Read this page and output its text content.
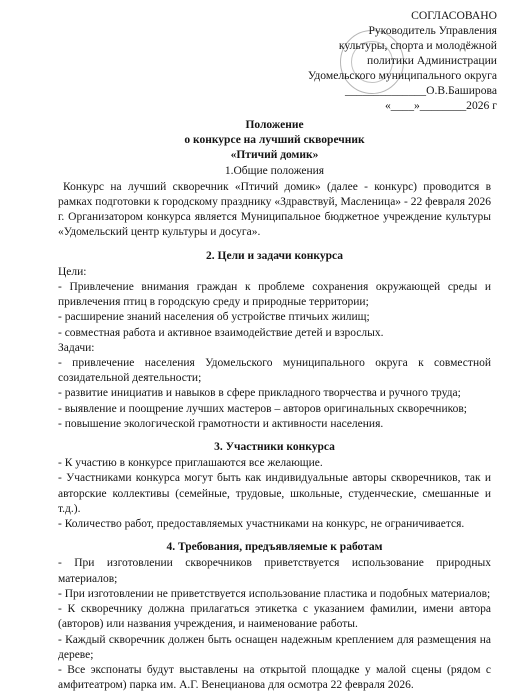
СОГЛАСОВАНО
Руководитель Управления
культуры, спорта и молодёжной
политики Администрации
Удомельского муниципального округа
______________О.В.Баширова
«____»________2026 г
Положение
о конкурсе на лучший скворечник
«Птичий домик»
1.Общие положения
Конкурс на лучший скворечник «Птичий домик» (далее - конкурс) проводится в рамках подготовки к городскому празднику «Здравствуй, Масленица» - 22 февраля 2026 г. Организатором конкурса является Муниципальное бюджетное учреждение культуры «Удомельский центр культуры и досуга».
2. Цели и задачи конкурса
Цели:
- Привлечение внимания граждан к проблеме сохранения окружающей среды и привлечения птиц в городскую среду и природные территории;
- расширение знаний населения об устройстве птичьих жилищ;
- совместная работа и активное взаимодействие детей и взрослых.
Задачи:
- привлечение населения Удомельского муниципального округа к совместной созидательной деятельности;
- развитие инициатив и навыков в сфере прикладного творчества и ручного труда;
- выявление и поощрение лучших мастеров – авторов оригинальных скворечников;
- повышение экологической грамотности и активности населения.
3. Участники конкурса
- К участию в конкурсе приглашаются все желающие.
- Участниками конкурса могут быть как индивидуальные авторы скворечников, так и авторские коллективы (семейные, трудовые, школьные, студенческие, смешанные и т.д.).
- Количество работ, предоставляемых участниками на конкурс, не ограничивается.
4. Требования, предъявляемые к работам
- При изготовлении скворечников приветствуется использование природных материалов;
- При изготовлении не приветствуется использование пластика и подобных материалов;
- К скворечнику должна прилагаться этикетка с указанием фамилии, имени автора (авторов) или названия учреждения, и наименование работы.
- Каждый скворечник должен быть оснащен надежным креплением для размещения на дереве;
- Все экспонаты будут выставлены на открытой площадке у малой сцены (рядом с амфитеатром) парка им. А.Г. Венецианова для осмотра 22 февраля 2026.
